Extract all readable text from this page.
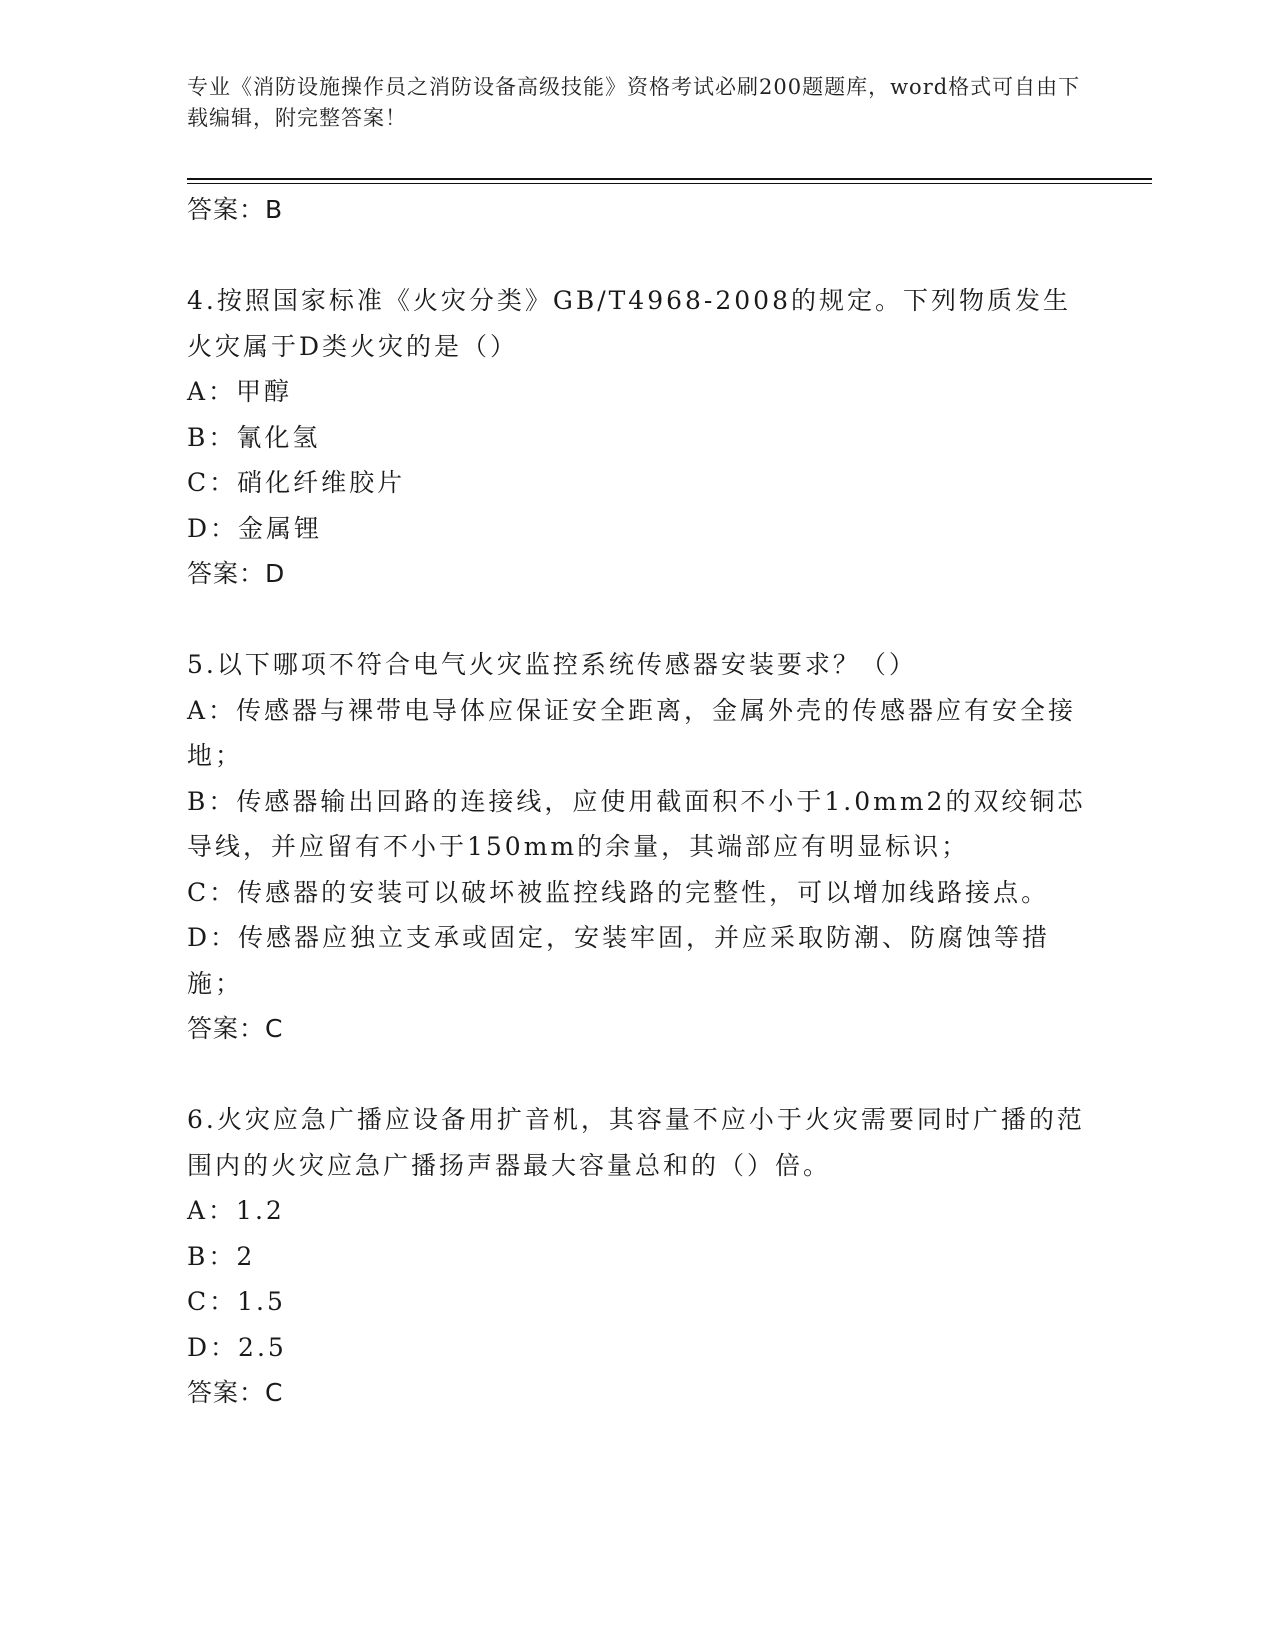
专业《消防设施操作员之消防设备高级技能》资格考试必刷200题题库，word格式可自由下载编辑，附完整答案！
答案：B
4.按照国家标准《火灾分类》GB/T4968-2008的规定。下列物质发生火灾属于D类火灾的是（）
A：甲醇
B：氰化氢
C：硝化纤维胶片
D：金属锂
答案：D
5.以下哪项不符合电气火灾监控系统传感器安装要求？（）
A：传感器与裸带电导体应保证安全距离，金属外壳的传感器应有安全接地；
B：传感器输出回路的连接线，应使用截面积不小于1.0mm2的双绞铜芯导线，并应留有不小于150mm的余量，其端部应有明显标识；
C：传感器的安装可以破坏被监控线路的完整性，可以增加线路接点。
D：传感器应独立支承或固定，安装牢固，并应采取防潮、防腐蚀等措施；
答案：C
6.火灾应急广播应设备用扩音机，其容量不应小于火灾需要同时广播的范围内的火灾应急广播扬声器最大容量总和的（）倍。
A：1.2
B：2
C：1.5
D：2.5
答案：C
